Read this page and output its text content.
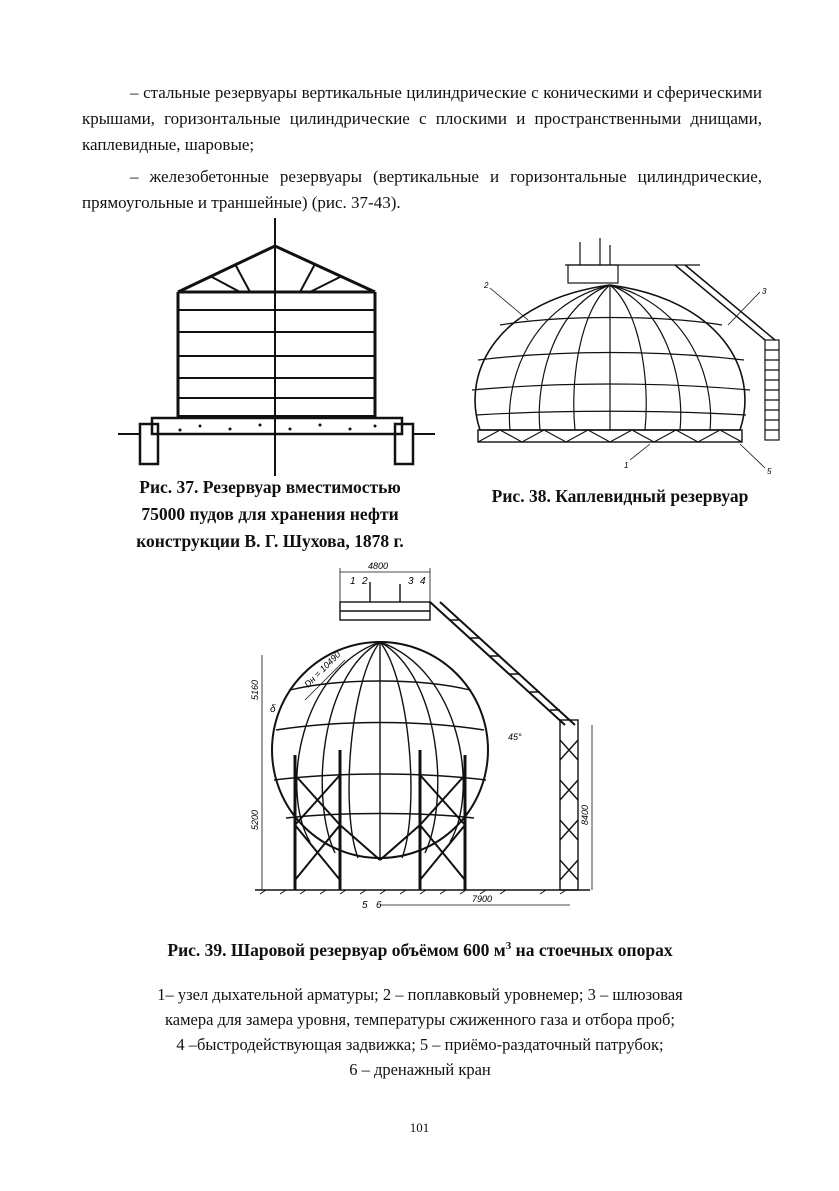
– стальные резервуары вертикальные цилиндрические с коническими и сферическими крышами, горизонтальные цилиндрические с плоскими и пространственными днищами, каплевидные, шаровые;

– железобетонные резервуары (вертикальные и горизонтальные цилиндрические, прямоугольные и траншейные) (рис. 37-43).

Рис. 37. Резервуар вместимостью
75000 пудов для хранения нефти
конструкции В. Г. Шухова, 1878 г.
2
3
1
5
Рис. 38. Каплевидный резервуар
4800
1 2	3 4
5160
5200	8400
Dн = 10490
45°
δ
7900
5 6
Рис. 39. Шаровой резервуар объёмом 600 $м^3$ на стоечных опорах
1– узел дыхательной арматуры; 2 – поплавковый уровнемер; 3 – шлюзовая
камера для замера уровня, температуры сжиженного газа и отбора проб;
4 –быстродействующая задвижка; 5 – приёмо-раздаточный патрубок;
6 – дренажный кран
101
